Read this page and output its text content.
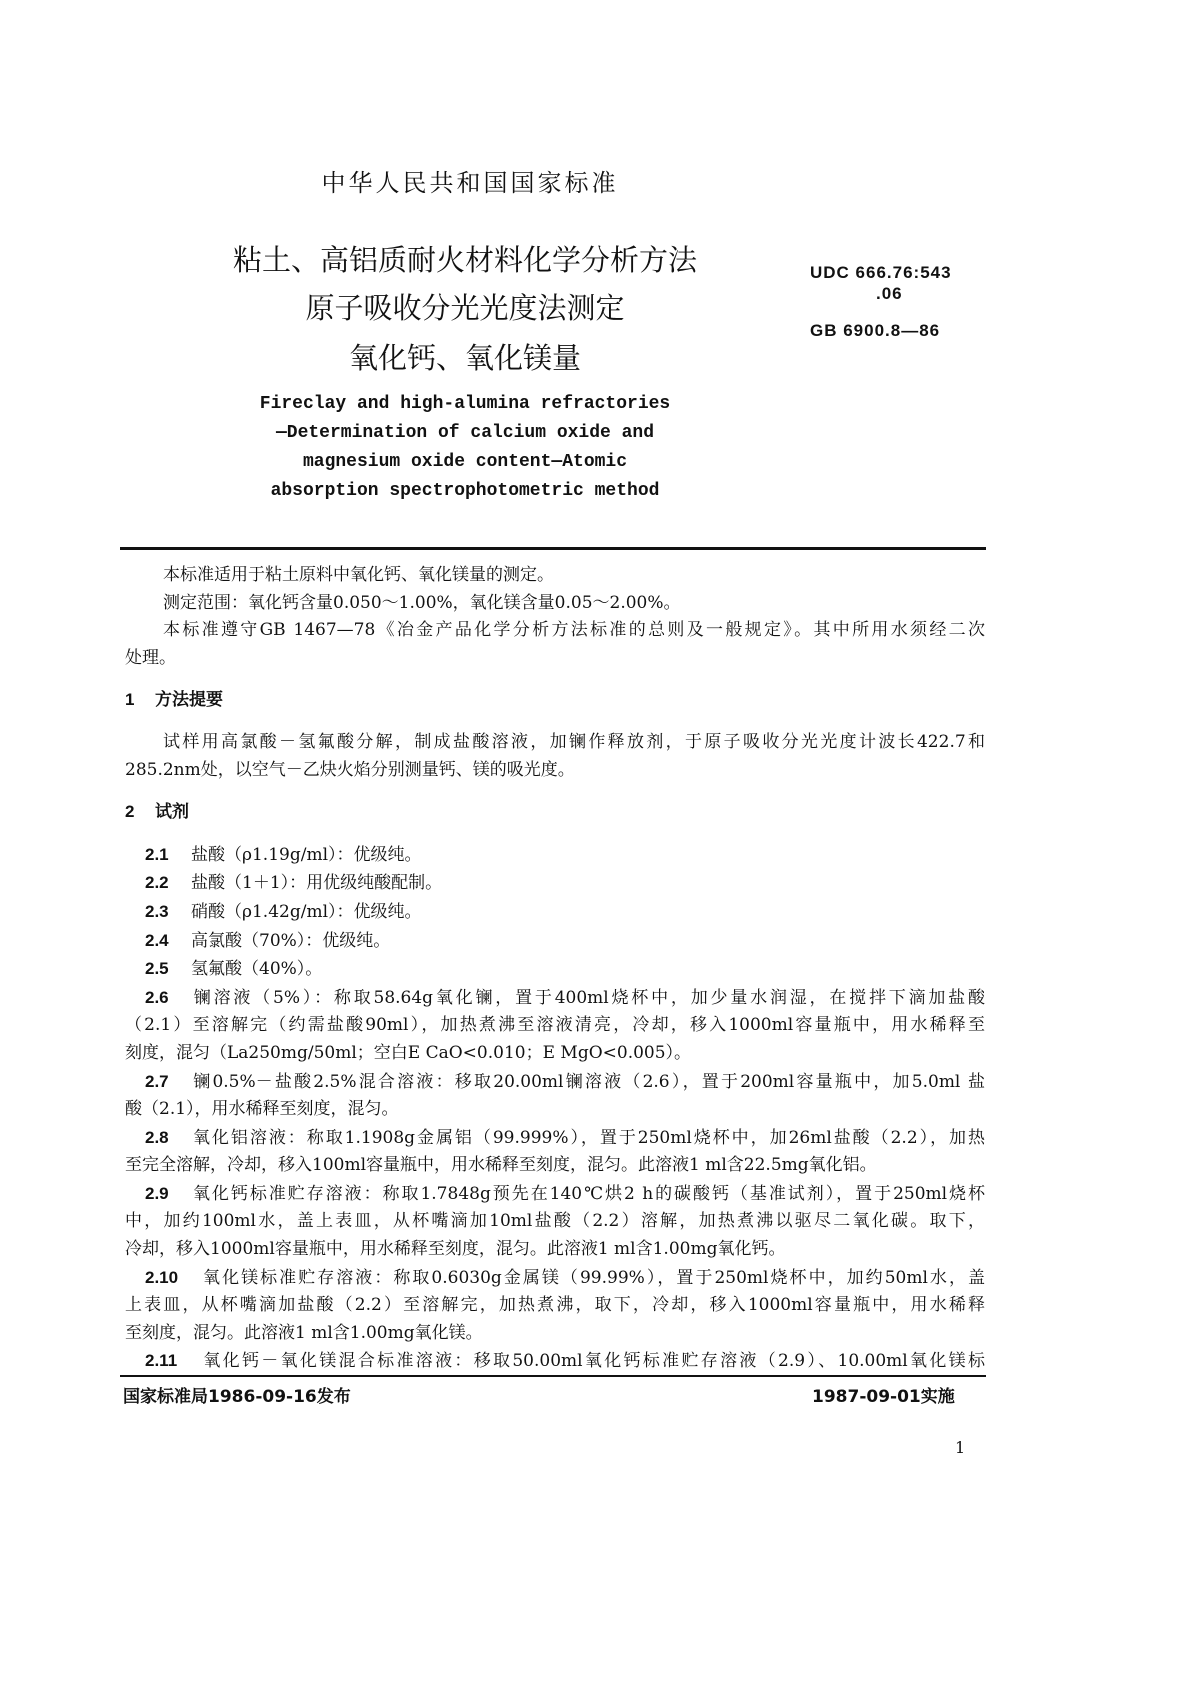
中华人民共和国国家标准
粘土、高铝质耐火材料化学分析方法
原子吸收分光光度法测定
氧化钙、氧化镁量
UDC 666.76:543
.06
GB 6900.8—86
Fireclay and high-alumina refractories
—Determination of calcium oxide and
magnesium oxide content—Atomic
absorption spectrophotometric method
本标准适用于粘土原料中氧化钙、氧化镁量的测定。
测定范围：氧化钙含量0.050～1.00%，氧化镁含量0.05～2.00%。
本标准遵守GB 1467—78《冶金产品化学分析方法标准的总则及一般规定》。其中所用水须经二次
处理。
1 方法提要
试样用高氯酸－氢氟酸分解，制成盐酸溶液，加镧作释放剂，于原子吸收分光光度计波长422.7和
285.2nm处，以空气－乙炔火焰分别测量钙、镁的吸光度。
2 试剂
2.1 盐酸（ρ1.19g/ml）：优级纯。
2.2 盐酸（1＋1）：用优级纯酸配制。
2.3 硝酸（ρ1.42g/ml）：优级纯。
2.4 高氯酸（70%）：优级纯。
2.5 氢氟酸（40%）。
2.6 镧溶液（5%）：称取58.64g氧化镧，置于400ml烧杯中，加少量水润湿，在搅拌下滴加盐酸
（2.1）至溶解完（约需盐酸90ml），加热煮沸至溶液清亮，冷却，移入1000ml容量瓶中，用水稀释至
刻度，混匀（La250mg/50ml；空白E CaO<0.010；E MgO<0.005）。
2.7 镧0.5%－盐酸2.5%混合溶液：移取20.00ml镧溶液（2.6），置于200ml容量瓶中，加5.0ml 盐
酸（2.1），用水稀释至刻度，混匀。
2.8 氧化铝溶液：称取1.1908g金属铝（99.999%），置于250ml烧杯中，加26ml盐酸（2.2），加热
至完全溶解，冷却，移入100ml容量瓶中，用水稀释至刻度，混匀。此溶液1 ml含22.5mg氧化铝。
2.9 氧化钙标准贮存溶液：称取1.7848g预先在140℃烘2 h的碳酸钙（基准试剂），置于250ml烧杯
中，加约100ml水，盖上表皿，从杯嘴滴加10ml盐酸（2.2）溶解，加热煮沸以驱尽二氧化碳。取下，
冷却，移入1000ml容量瓶中，用水稀释至刻度，混匀。此溶液1 ml含1.00mg氧化钙。
2.10 氧化镁标准贮存溶液：称取0.6030g金属镁（99.99%），置于250ml烧杯中，加约50ml水，盖
上表皿，从杯嘴滴加盐酸（2.2）至溶解完，加热煮沸，取下，冷却，移入1000ml容量瓶中，用水稀释
至刻度，混匀。此溶液1 ml含1.00mg氧化镁。
2.11 氧化钙－氧化镁混合标准溶液：移取50.00ml氧化钙标准贮存溶液（2.9）、10.00ml氧化镁标
国家标准局1986-09-16发布	1987-09-01实施
1
